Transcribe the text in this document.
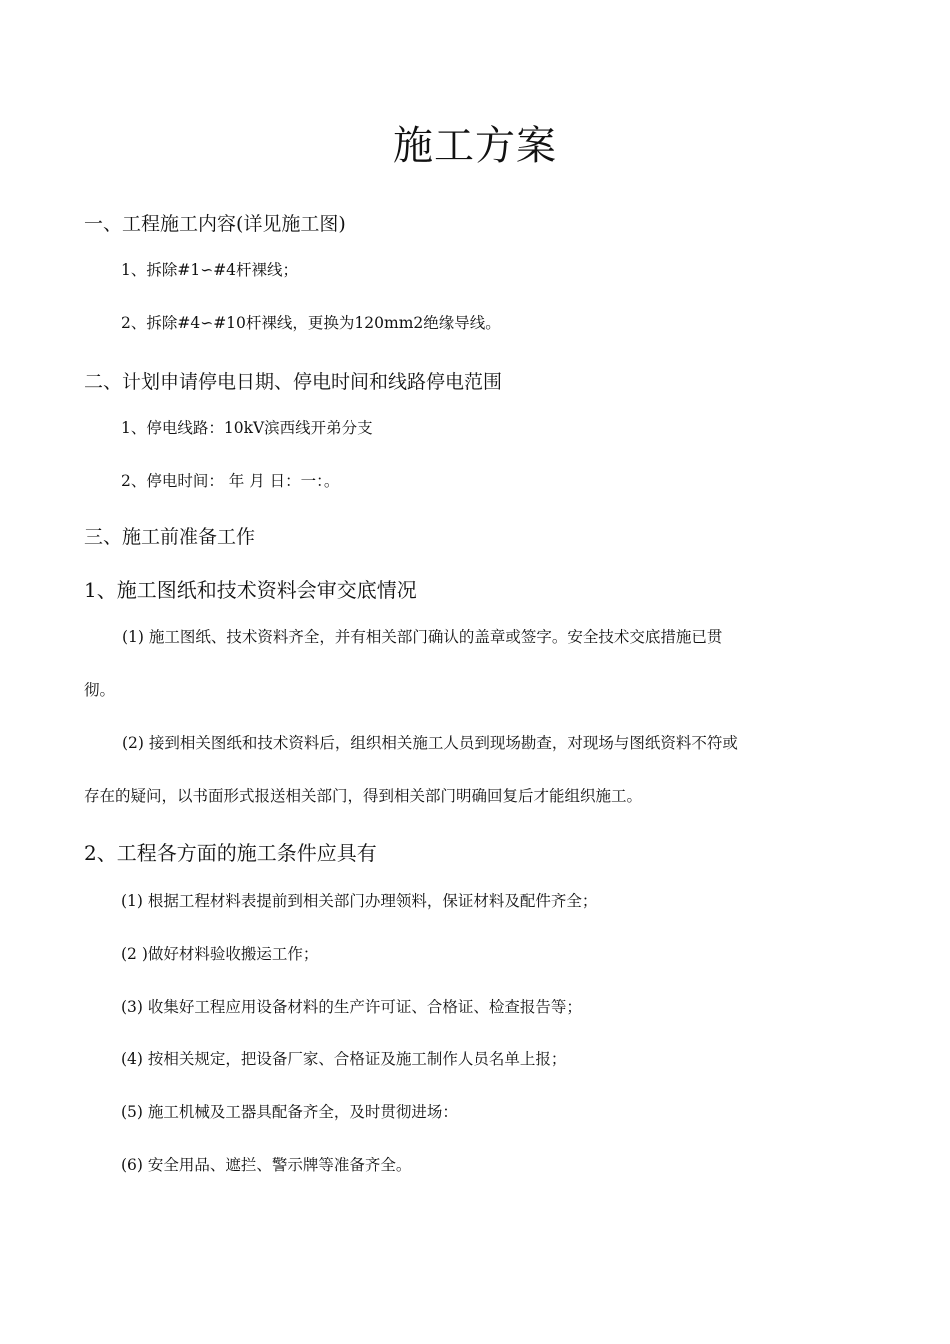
施工方案
一、工程施工内容(详见施工图)

1、拆除#1∽#4杆裸线；

2、拆除#4∽#10杆裸线，更换为120mm2绝缘导线。

二、计划申请停电日期、停电时间和线路停电范围

1、停电线路：10kV滨西线开弟分支

2、停电时间： 年 月 日：一：。

三、施工前准备工作
1、施工图纸和技术资料会审交底情况

(1) 施工图纸、技术资料齐全，并有相关部门确认的盖章或签字。安全技术交底措施已贯

彻。

(2) 接到相关图纸和技术资料后，组织相关施工人员到现场勘查，对现场与图纸资料不符或

存在的疑问，以书面形式报送相关部门，得到相关部门明确回复后才能组织施工。

2、工程各方面的施工条件应具有

(1) 根据工程材料表提前到相关部门办理领料，保证材料及配件齐全；

(2 )做好材料验收搬运工作；

(3) 收集好工程应用设备材料的生产许可证、合格证、检查报告等；

(4) 按相关规定，把设备厂家、合格证及施工制作人员名单上报；

(5) 施工机械及工器具配备齐全，及时贯彻进场：

(6) 安全用品、遮拦、警示牌等准备齐全。
